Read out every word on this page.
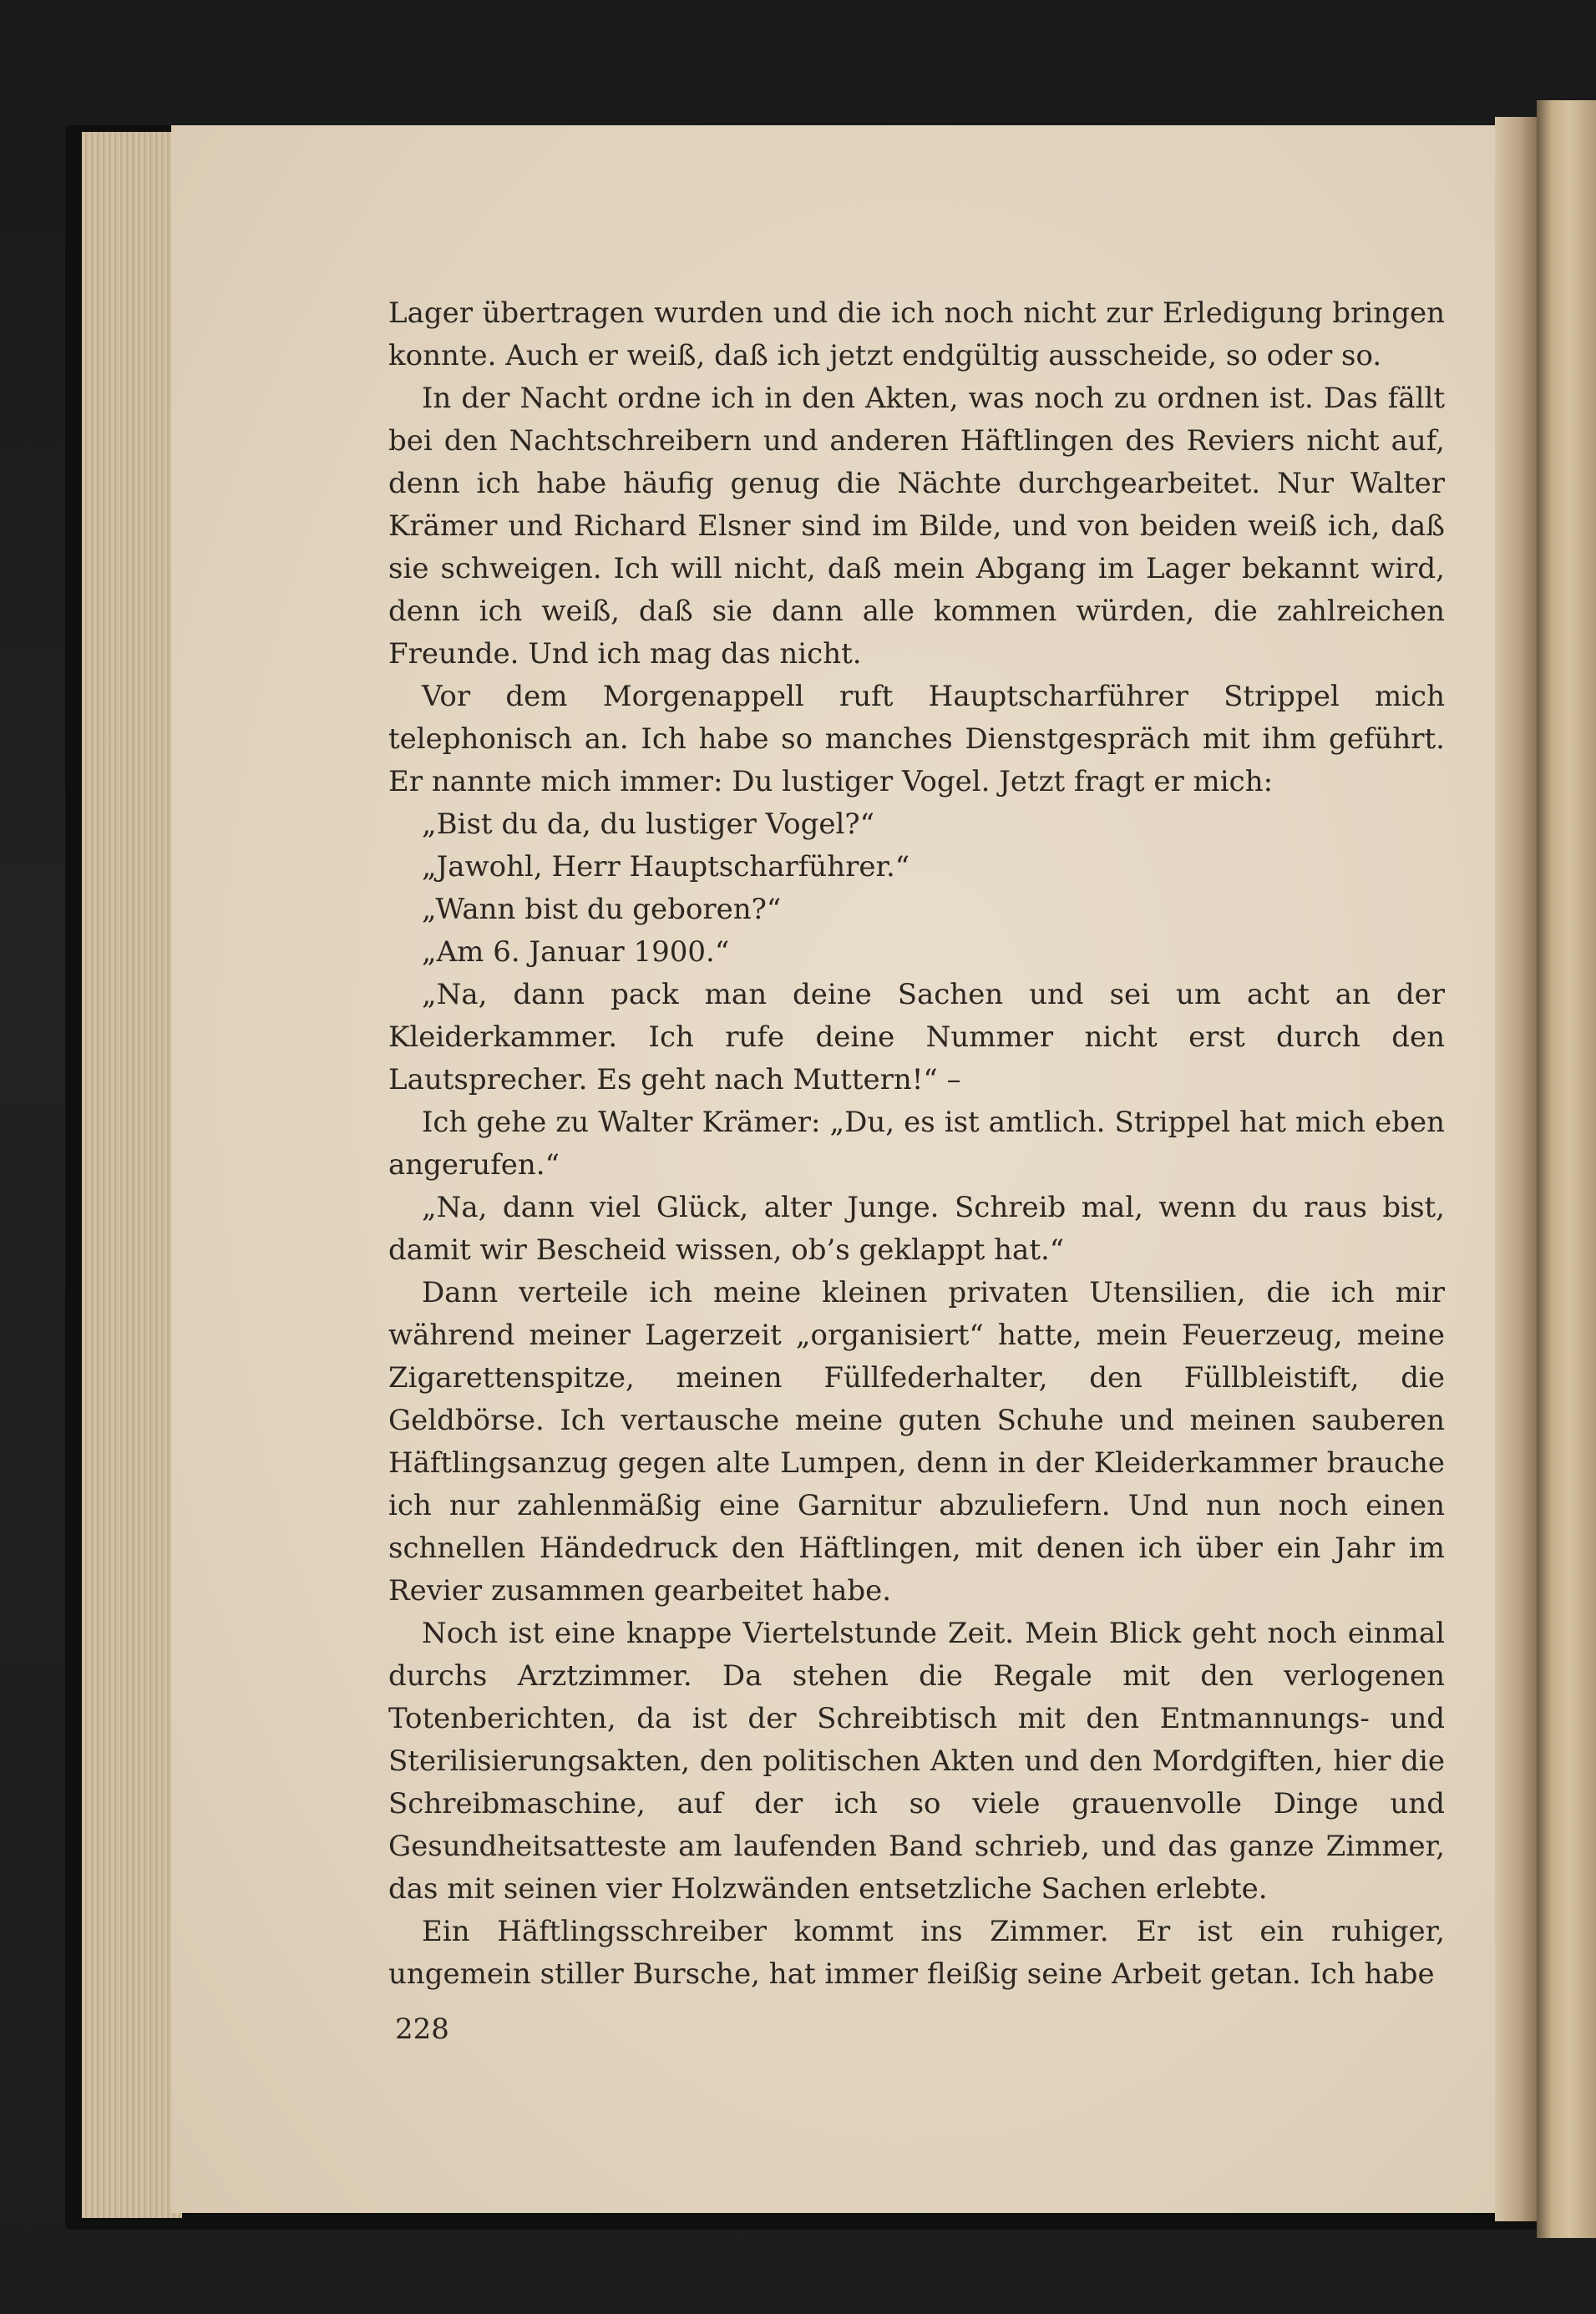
Lager übertragen wurden und die ich noch nicht zur Erledigung bringen konnte. Auch er weiß, daß ich jetzt endgültig ausscheide, so oder so.

In der Nacht ordne ich in den Akten, was noch zu ordnen ist. Das fällt bei den Nachtschreibern und anderen Häftlingen des Reviers nicht auf, denn ich habe häufig genug die Nächte durchgearbeitet. Nur Walter Krämer und Richard Elsner sind im Bilde, und von beiden weiß ich, daß sie schweigen. Ich will nicht, daß mein Abgang im Lager bekannt wird, denn ich weiß, daß sie dann alle kommen würden, die zahlreichen Freunde. Und ich mag das nicht.

Vor dem Morgenappell ruft Hauptscharführer Strippel mich telephonisch an. Ich habe so manches Dienstgespräch mit ihm geführt. Er nannte mich immer: Du lustiger Vogel. Jetzt fragt er mich:

„Bist du da, du lustiger Vogel?“

„Jawohl, Herr Hauptscharführer.“

„Wann bist du geboren?“

„Am 6. Januar 1900.“

„Na, dann pack man deine Sachen und sei um acht an der Kleiderkammer. Ich rufe deine Nummer nicht erst durch den Lautsprecher. Es geht nach Muttern!“ –

Ich gehe zu Walter Krämer: „Du, es ist amtlich. Strippel hat mich eben angerufen.“

„Na, dann viel Glück, alter Junge. Schreib mal, wenn du raus bist, damit wir Bescheid wissen, ob’s geklappt hat.“

Dann verteile ich meine kleinen privaten Utensilien, die ich mir während meiner Lagerzeit „organisiert“ hatte, mein Feuerzeug, meine Zigarettenspitze, meinen Füllfederhalter, den Füllbleistift, die Geldbörse. Ich vertausche meine guten Schuhe und meinen sauberen Häftlingsanzug gegen alte Lumpen, denn in der Kleiderkammer brauche ich nur zahlenmäßig eine Garnitur abzuliefern. Und nun noch einen schnellen Händedruck den Häftlingen, mit denen ich über ein Jahr im Revier zusammen gearbeitet habe.

Noch ist eine knappe Viertelstunde Zeit. Mein Blick geht noch einmal durchs Arztzimmer. Da stehen die Regale mit den verlogenen Totenberichten, da ist der Schreibtisch mit den Entmannungs- und Sterilisierungsakten, den politischen Akten und den Mordgiften, hier die Schreibmaschine, auf der ich so viele grauenvolle Dinge und Gesundheitsatteste am laufenden Band schrieb, und das ganze Zimmer, das mit seinen vier Holzwänden entsetzliche Sachen erlebte.

Ein Häftlingsschreiber kommt ins Zimmer. Er ist ein ruhiger, ungemein stiller Bursche, hat immer fleißig seine Arbeit getan. Ich habe

228
